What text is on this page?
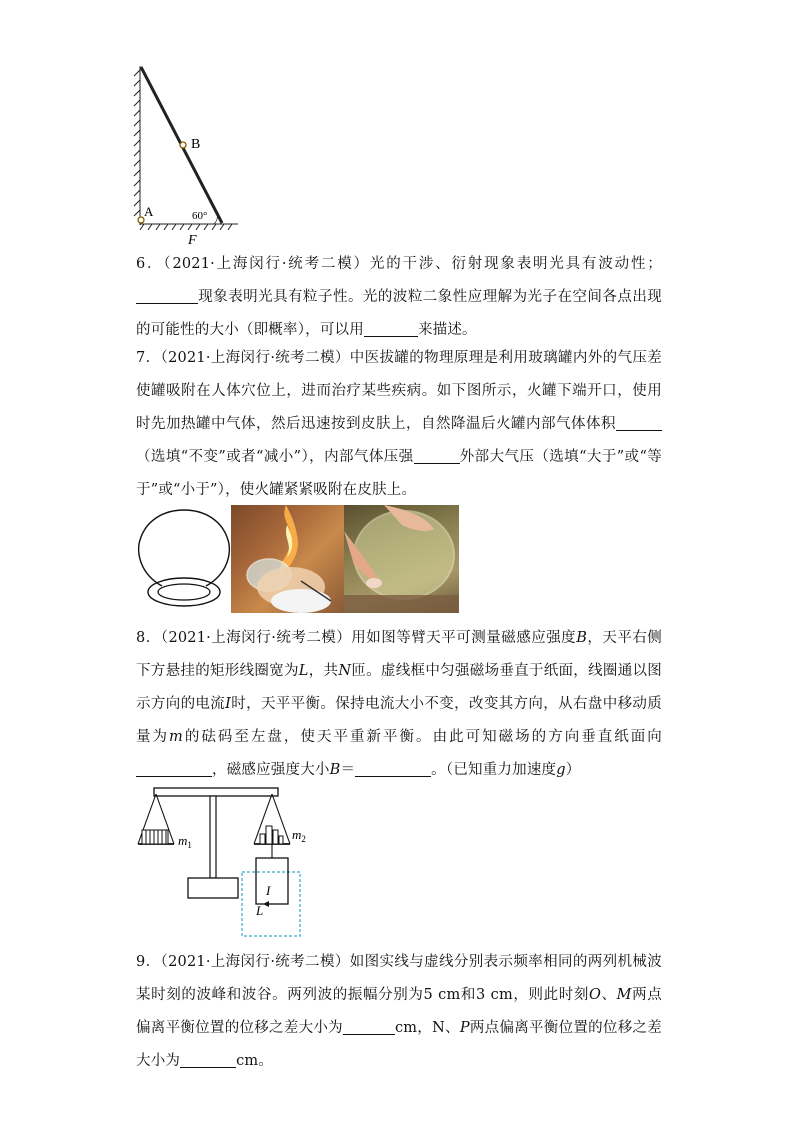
B
A	60°
F

6．（2021·上海闵行·统考二模）光的干涉、衍射现象表明光具有波动性；现象表明光具有粒子性。光的波粒二象性应理解为光子在空间各点出现的可能性的大小（即概率），可以用	来描述。

7．（2021·上海闵行·统考二模）中医拔罐的物理原理是利用玻璃罐内外的气压差使罐吸附在人体穴位上，进而治疗某些疾病。如下图所示，火罐下端开口，使用时先加热罐中气体，然后迅速按到皮肤上，自然降温后火罐内部气体体积（选填“不变”或者“减小”），内部气体压强	外部大气压（选填“大于”或“等于”或“小于”），使火罐紧紧吸附在皮肤上。

8．（2021·上海闵行·统考二模）用如图等臂天平可测量磁感应强度B，天平右侧下方悬挂的矩形线圈宽为L，共N匝。虚线框中匀强磁场垂直于纸面，线圈通以图示方向的电流I时，天平平衡。保持电流大小不变，改变其方向，从右盘中移动质量为m的砝码至左盘，使天平重新平衡。由此可知磁场的方向垂直纸面向，磁感应强度大小B＝	。（已知重力加速度g）

$m_1$
$m_2$
I
L

9．（2021·上海闵行·统考二模）如图实线与虚线分别表示频率相同的两列机械波某时刻的波峰和波谷。两列波的振幅分别为5 cm和3 cm，则此时刻O、M两点偏离平衡位置的位移之差大小为	cm，N、P两点偏离平衡位置的位移之差大小为	cm。
